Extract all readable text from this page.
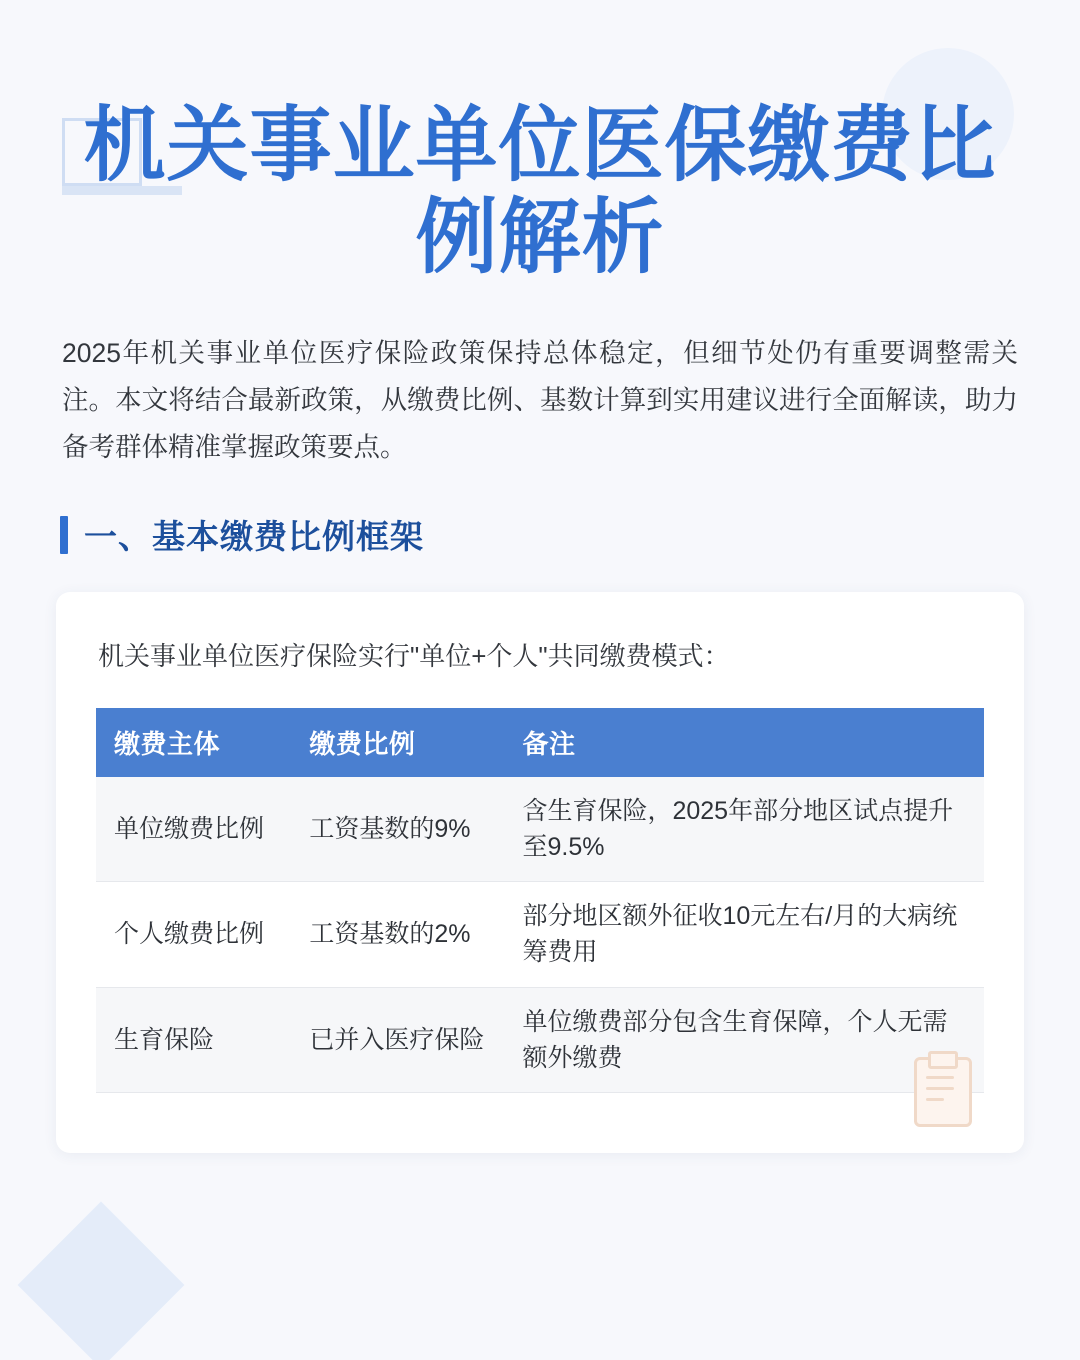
机关事业单位医保缴费比例解析

2025年机关事业单位医疗保险政策保持总体稳定，但细节处仍有重要调整需关注。本文将结合最新政策，从缴费比例、基数计算到实用建议进行全面解读，助力备考群体精准掌握政策要点。

一、基本缴费比例框架

机关事业单位医疗保险实行"单位+个人"共同缴费模式：

缴费主体	缴费比例	备注
单位缴费比例	工资基数的9%	含生育保险，2025年部分地区试点提升至9.5%
个人缴费比例	工资基数的2%	部分地区额外征收10元左右/月的大病统筹费用
生育保险	已并入医疗保险	单位缴费部分包含生育保障，个人无需额外缴费
